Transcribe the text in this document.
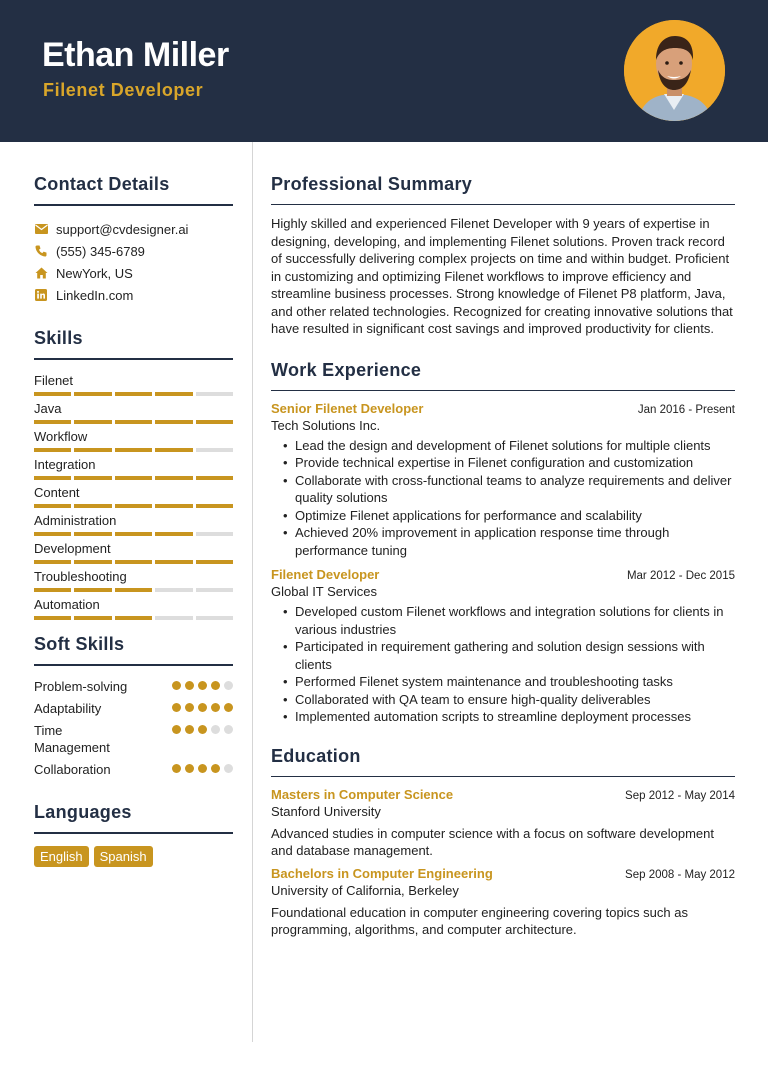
Ethan Miller
Filenet Developer
Contact Details
support@cvdesigner.ai
(555) 345-6789
NewYork, US
LinkedIn.com
Skills
Filenet
Java
Workflow
Integration
Content
Administration
Development
Troubleshooting
Automation
Soft Skills
Problem-solving
Adaptability
Time Management
Collaboration
Languages
English	Spanish
Professional Summary

Highly skilled and experienced Filenet Developer with 9 years of expertise in designing, developing, and implementing Filenet solutions. Proven track record of successfully delivering complex projects on time and within budget. Proficient in customizing and optimizing Filenet workflows to improve efficiency and streamline business processes. Strong knowledge of Filenet P8 platform, Java, and other related technologies. Recognized for creating innovative solutions that have resulted in significant cost savings and improved productivity for clients.

Work Experience
Senior Filenet Developer	Jan 2016 - Present
Tech Solutions Inc.
• Lead the design and development of Filenet solutions for multiple clients
• Provide technical expertise in Filenet configuration and customization
• Collaborate with cross-functional teams to analyze requirements and deliver quality solutions
• Optimize Filenet applications for performance and scalability
• Achieved 20% improvement in application response time through performance tuning
Filenet Developer	Mar 2012 - Dec 2015
Global IT Services
• Developed custom Filenet workflows and integration solutions for clients in various industries
• Participated in requirement gathering and solution design sessions with clients
• Performed Filenet system maintenance and troubleshooting tasks
• Collaborated with QA team to ensure high-quality deliverables
• Implemented automation scripts to streamline deployment processes
Education
Masters in Computer Science	Sep 2012 - May 2014
Stanford University
Advanced studies in computer science with a focus on software development and database management.
Bachelors in Computer Engineering	Sep 2008 - May 2012
University of California, Berkeley
Foundational education in computer engineering covering topics such as programming, algorithms, and computer architecture.
